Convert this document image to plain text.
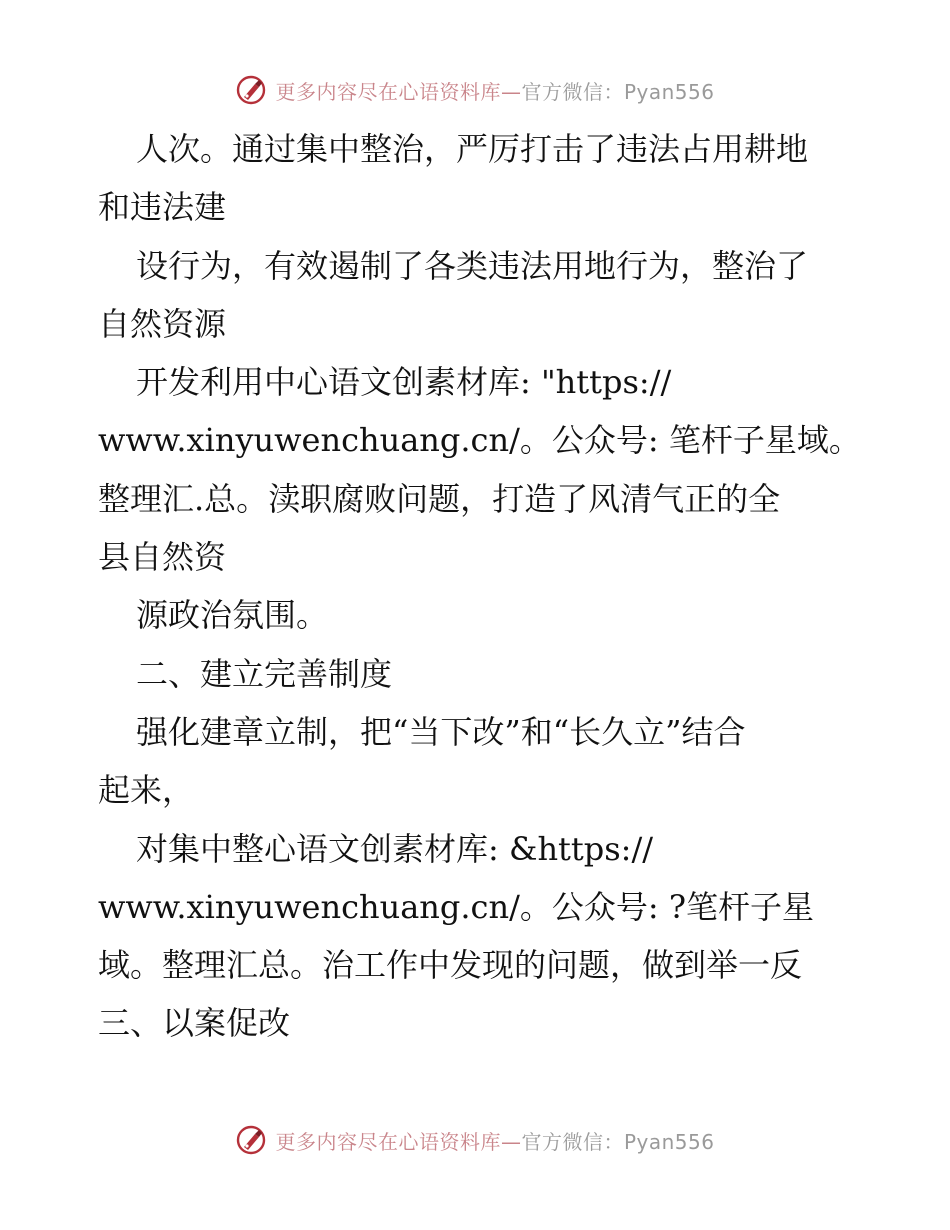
更多内容尽在心语资料库—官方微信：Pyan556
人次。通过集中整治，严厉打击了违法占用耕地
和违法建
设行为，有效遏制了各类违法用地行为，整治了
自然资源
开发利用中心语文创素材库: "https://
www.xinyuwenchuang.cn/。公众号: 笔杆子星域。
整理汇.总。渎职腐败问题，打造了风清气正的全
县自然资
源政治氛围。
二、建立完善制度
强化建章立制，把“当下改”和“长久立”结合
起来，
对集中整心语文创素材库: &https://
www.xinyuwenchuang.cn/。公众号: ?笔杆子星
域。整理汇总。治工作中发现的问题，做到举一反
三、以案促改
更多内容尽在心语资料库—官方微信：Pyan556
